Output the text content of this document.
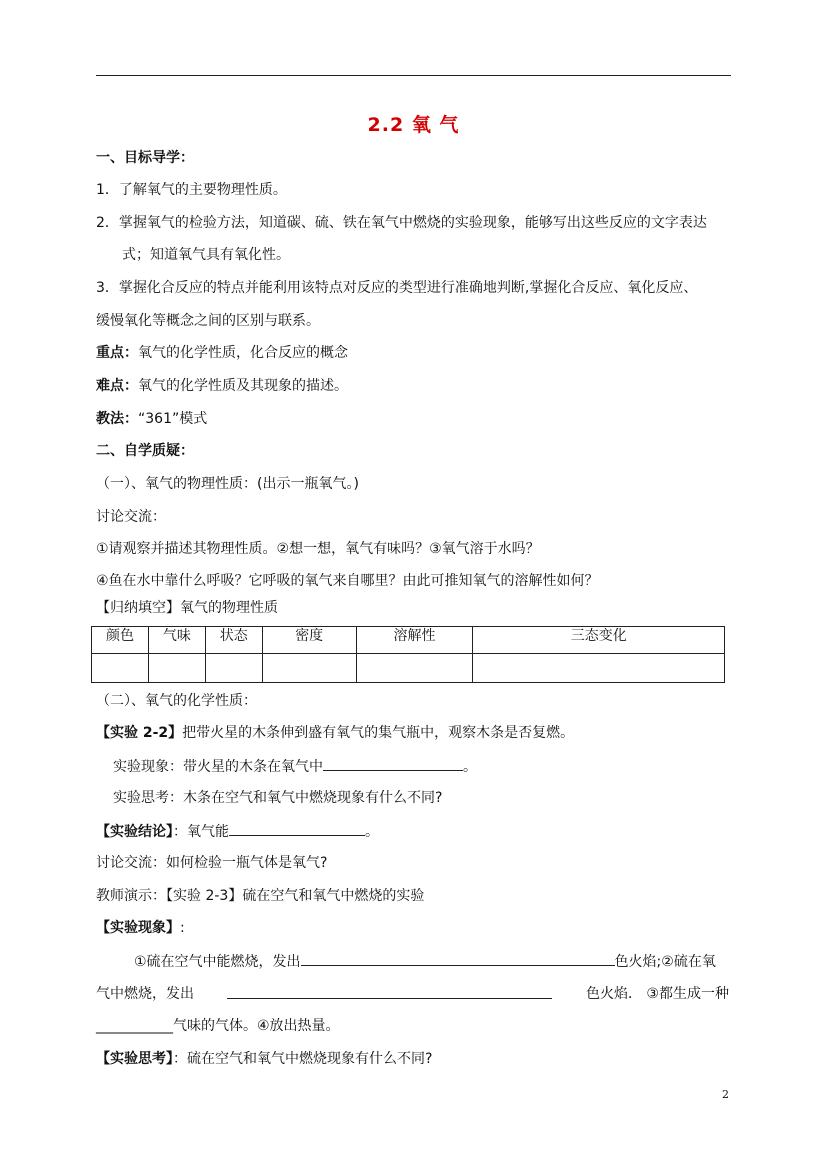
2.2 氧 气
一、目标导学：
1．了解氧气的主要物理性质。
2．掌握氧气的检验方法，知道碳、硫、铁在氧气中燃烧的实验现象，能够写出这些反应的文字表达
式；知道氧气具有氧化性。
3．掌握化合反应的特点并能利用该特点对反应的类型进行准确地判断,掌握化合反应、氧化反应、
缓慢氧化等概念之间的区别与联系。
重点：氧气的化学性质，化合反应的概念
难点：氧气的化学性质及其现象的描述。
教法：“361”模式
二、自学质疑：
（一）、氧气的物理性质：(出示一瓶氧气。)
讨论交流：
①请观察并描述其物理性质。②想一想，氧气有味吗？③氧气溶于水吗？
④鱼在水中靠什么呼吸？它呼吸的氧气来自哪里？由此可推知氧气的溶解性如何？
【归纳填空】氧气的物理性质
颜色	气味	状态	密度	溶解性	三态变化

（二）、氧气的化学性质：
【实验 2-2】把带火星的木条伸到盛有氧气的集气瓶中，观察木条是否复燃。
实验现象：带火星的木条在氧气中	。
实验思考：木条在空气和氧气中燃烧现象有什么不同?
【实验结论】：氧气能	。
讨论交流：如何检验一瓶气体是氧气?
教师演示：【实验 2-3】硫在空气和氧气中燃烧的实验
【实验现象】:
①硫在空气中能燃烧，发出	色火焰;②硫在氧
气中燃烧，发出	色火焰． ③都生成一种
___________气味的气体。④放出热量。
【实验思考】：硫在空气和氧气中燃烧现象有什么不同?
2
